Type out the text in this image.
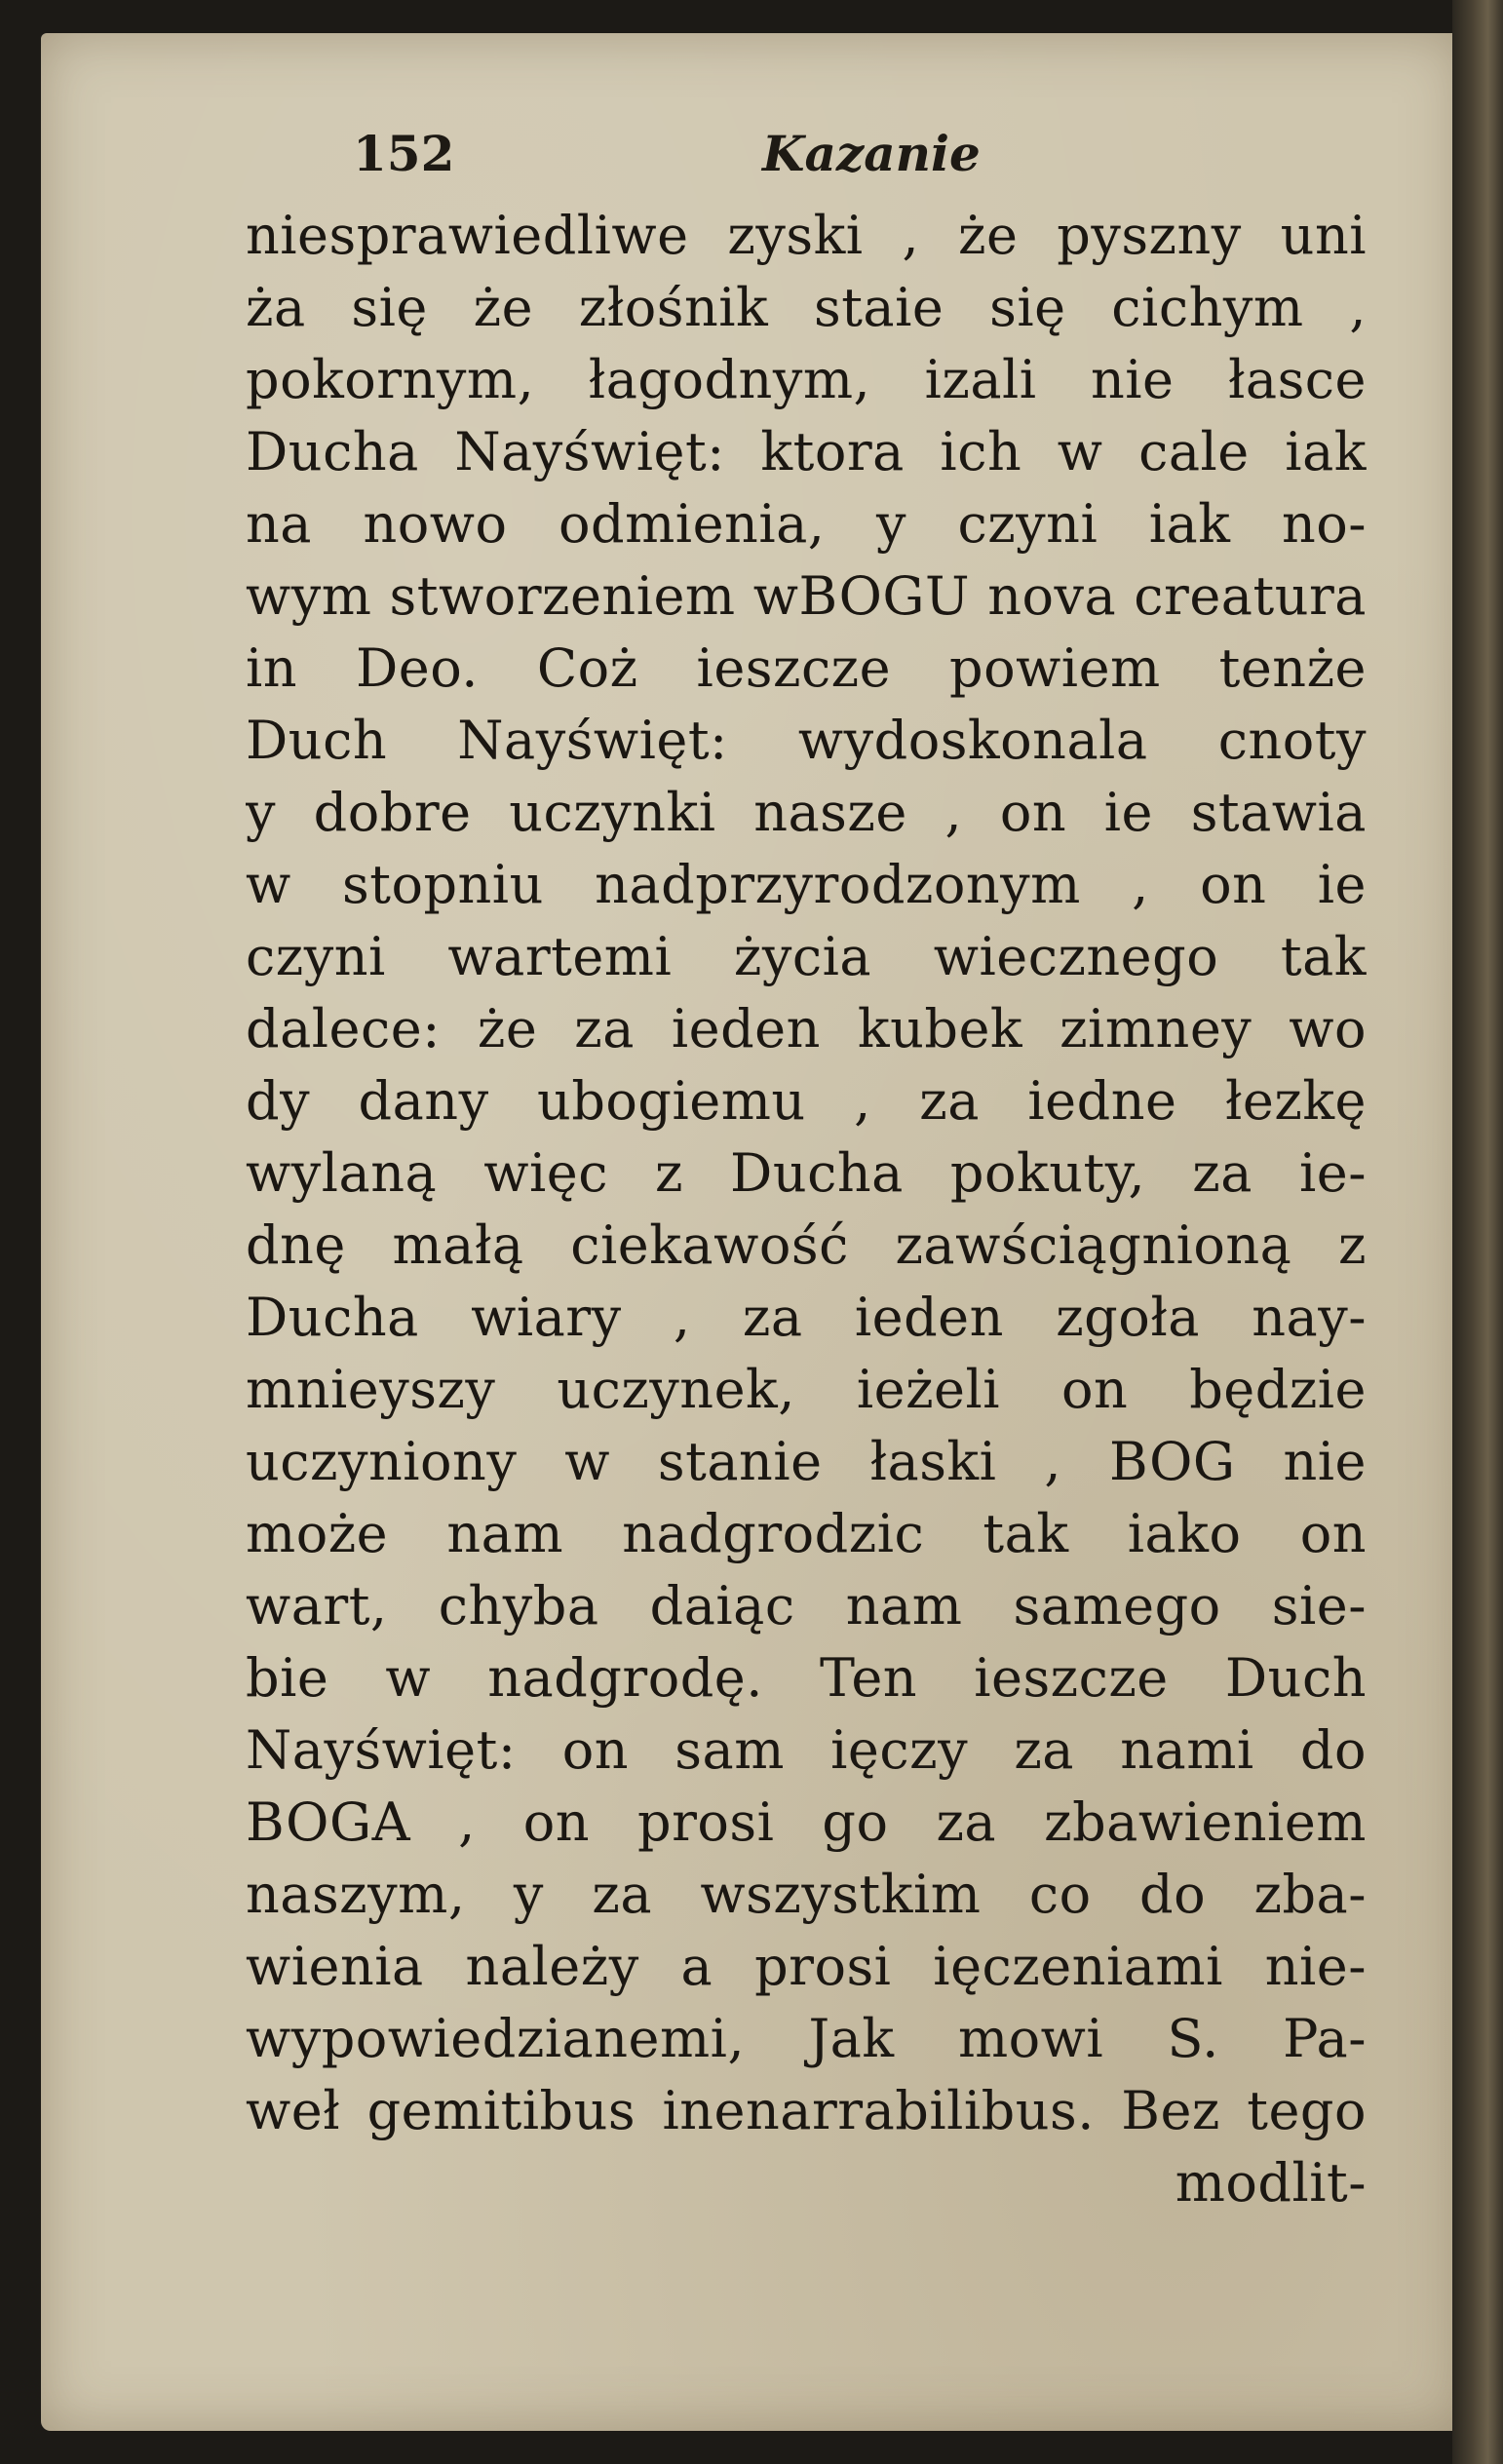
152	Kazanie
niesprawiedliwe zyski , że pyszny uni
ża się że złośnik staie się cichym ,
pokornym, łagodnym, izali nie łasce
Ducha Nayświęt: ktora ich w cale iak
na nowo odmienia, y czyni iak no-
wym stworzeniem wBOGU nova creatura
in Deo. Coż ieszcze powiem tenże
Duch Nayświęt: wydoskonala cnoty
y dobre uczynki nasze , on ie stawia
w stopniu nadprzyrodzonym , on ie
czyni wartemi życia wiecznego tak
dalece: że za ieden kubek zimney wo
dy dany ubogiemu , za iedne łezkę
wylaną więc z Ducha pokuty, za ie-
dnę małą ciekawość zawściągnioną z
Ducha wiary , za ieden zgoła nay-
mnieyszy uczynek, ieżeli on będzie
uczyniony w stanie łaski , BOG nie
może nam nadgrodzic tak iako on
wart, chyba daiąc nam samego sie-
bie w nadgrodę. Ten ieszcze Duch
Nayświęt: on sam ięczy za nami do
BOGA , on prosi go za zbawieniem
naszym, y za wszystkim co do zba-
wienia należy a prosi ięczeniami nie-
wypowiedzianemi, Jak mowi S. Pa-
weł gemitibus inenarrabilibus. Bez tego
modlit-
